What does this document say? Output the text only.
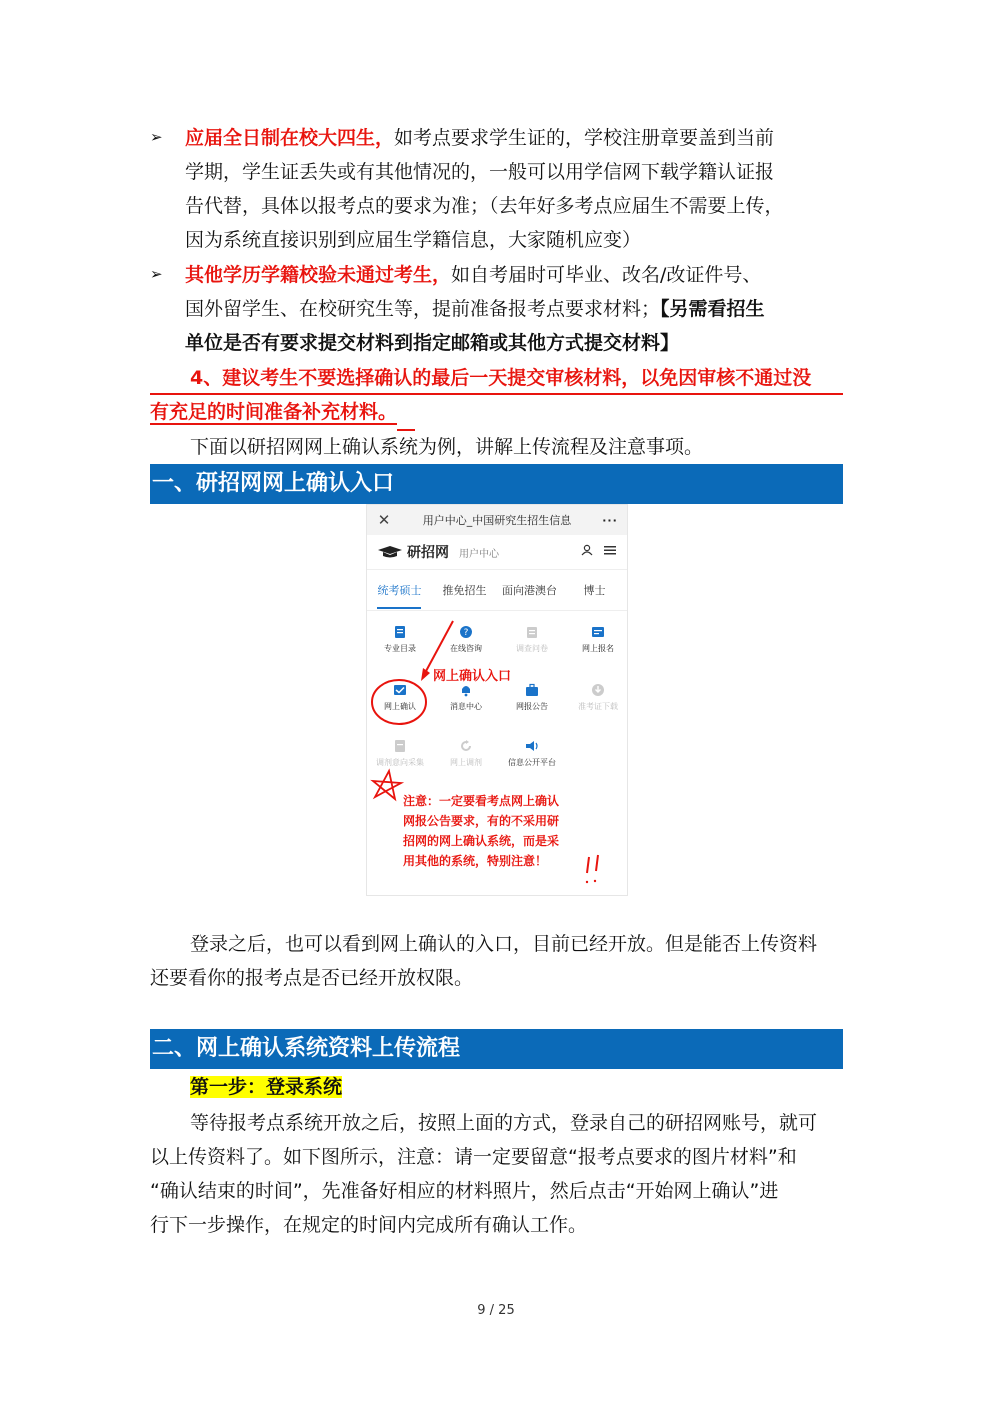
➢ 应届全日制在校大四生，如考点要求学生证的，学校注册章要盖到当前
学期，学生证丢失或有其他情况的，一般可以用学信网下载学籍认证报
告代替，具体以报考点的要求为准；（去年好多考点应届生不需要上传，
因为系统直接识别到应届生学籍信息，大家随机应变）
➢ 其他学历学籍校验未通过考生，如自考届时可毕业、改名/改证件号、
国外留学生、在校研究生等，提前准备报考点要求材料；【另需看招生
单位是否有要求提交材料到指定邮箱或其他方式提交材料】
4、建议考生不要选择确认的最后一天提交审核材料，以免因审核不通过没
有充足的时间准备补充材料。
下面以研招网网上确认系统为例，讲解上传流程及注意事项。
一、研招网网上确认入口
✕	用户中心_中国研究生招生信息	···
研招网 用户中心

统考硕士	推免招生	面向港澳台	博士
专业目录
?
在线咨询	调查问卷	网上报名
网上确认	消息中心	网报公告	准考证下载
调剂意向采集	网上调剂	信息公开平台
网上确认入口
注意：一定要看考点网上确认
网报公告要求，有的不采用研
招网的网上确认系统，而是采
用其他的系统，特别注意！
登录之后，也可以看到网上确认的入口，目前已经开放。但是能否上传资料
还要看你的报考点是否已经开放权限。
二、网上确认系统资料上传流程
第一步：登录系统
等待报考点系统开放之后，按照上面的方式，登录自己的研招网账号，就可
以上传资料了。如下图所示，注意：请一定要留意“报考点要求的图片材料”和
“确认结束的时间”，先准备好相应的材料照片，然后点击“开始网上确认”进
行下一步操作，在规定的时间内完成所有确认工作。
9 / 25
